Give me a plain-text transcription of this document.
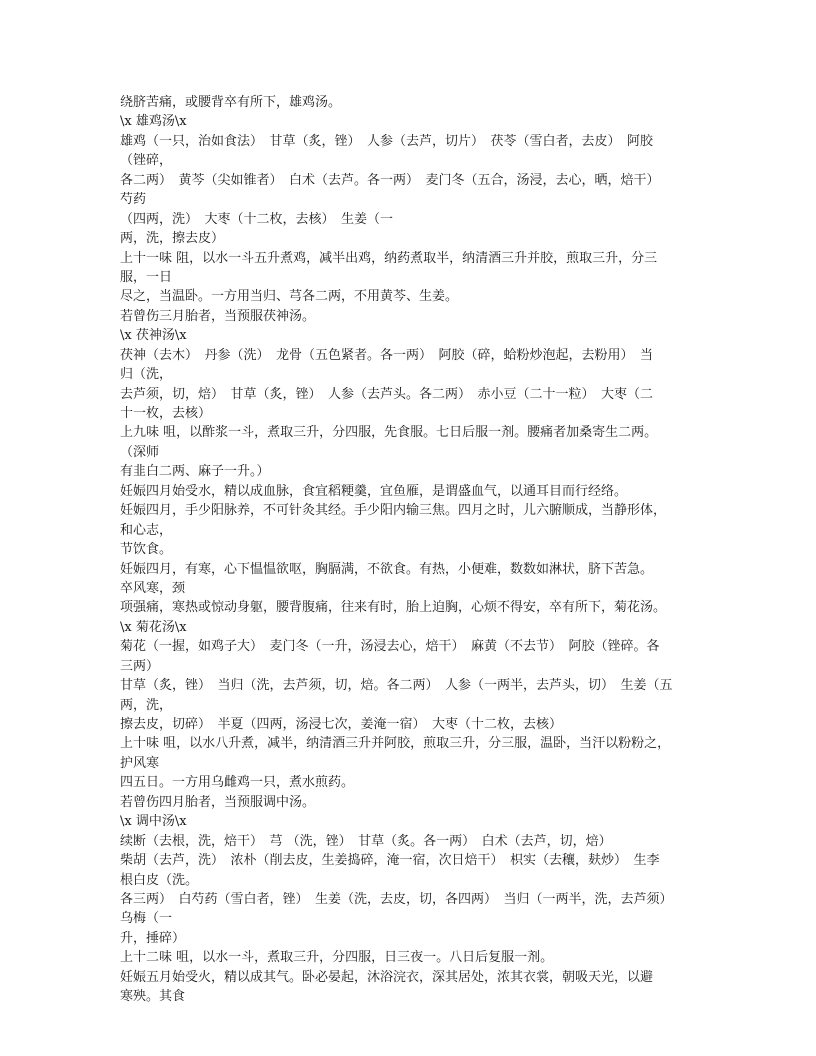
绕脐苦痛，或腰背卒有所下，雄鸡汤。
\x 雄鸡汤\x
雄鸡（一只，治如食法）　甘草（炙，锉）　人参（去芦，切片）　茯苓（雪白者，去皮）　阿胶
（锉碎，
各二两）　黄芩（尖如锥者）　白术（去芦。各一两）　麦门冬（五合，汤浸，去心，晒，焙干）
芍药
（四两，洗）　大枣（十二枚，去核）　生姜（一
两，洗，擦去皮）
上十一味 阻，以水一斗五升煮鸡，减半出鸡，纳药煮取半，纳清酒三升并胶，煎取三升，分三
服，一日
尽之，当温卧。一方用当归、芎各二两，不用黄芩、生姜。
若曾伤三月胎者，当预服茯神汤。
\x 茯神汤\x
茯神（去木）　丹参（洗）　龙骨（五色紧者。各一两）　阿胶（碎，蛤粉炒泡起，去粉用）　当
归（洗，
去芦须，切，焙）　甘草（炙，锉）　人参（去芦头。各二两）　赤小豆（二十一粒）　大枣（二
十一枚，去核）
上九味 咀，以酢浆一斗，煮取三升，分四服，先食服。七日后服一剂。腰痛者加桑寄生二两。
（深师
有韭白二两、麻子一升。）
妊娠四月始受水，精以成血脉，食宜稻粳羹，宜鱼雁，是谓盛血气，以通耳目而行经络。
妊娠四月，手少阳脉养，不可针灸其经。手少阳内输三焦。四月之时，儿六腑顺成，当静形体，
和心志，
节饮食。
妊娠四月，有寒，心下愠愠欲呕，胸膈满，不欲食。有热，小便难，数数如淋状，脐下苦急。
卒风寒，颈
项强痛，寒热或惊动身躯，腰背腹痛，往来有时，胎上迫胸，心烦不得安，卒有所下，菊花汤。
\x 菊花汤\x
菊花（一握，如鸡子大）　麦门冬（一升，汤浸去心，焙干）　麻黄（不去节）　阿胶（锉碎。各
三两）
甘草（炙，锉）　当归（洗，去芦须，切，焙。各二两）　人参（一两半，去芦头，切）　生姜（五
两，洗，
擦去皮，切碎）　半夏（四两，汤浸七次，姜淹一宿）　大枣（十二枚，去核）
上十味 咀，以水八升煮，减半，纳清酒三升并阿胶，煎取三升，分三服，温卧，当汗以粉粉之，
护风寒
四五日。一方用乌雌鸡一只，煮水煎药。
若曾伤四月胎者，当预服调中汤。
\x 调中汤\x
续断（去根，洗，焙干）　芎 （洗，锉）　甘草（炙。各一两）　白术（去芦，切，焙）
柴胡（去芦，洗）　浓朴（削去皮，生姜捣碎，淹一宿，次日焙干）　枳实（去穰，麸炒）　生李
根白皮（洗。
各三两）　白芍药（雪白者，锉）　生姜（洗，去皮，切，各四两）　当归（一两半，洗，去芦须）
乌梅（一
升，捶碎）
上十二味 咀，以水一斗，煮取三升，分四服，日三夜一。八日后复服一剂。
妊娠五月始受火，精以成其气。卧必晏起，沐浴浣衣，深其居处，浓其衣裳，朝吸天光，以避
寒殃。其食
